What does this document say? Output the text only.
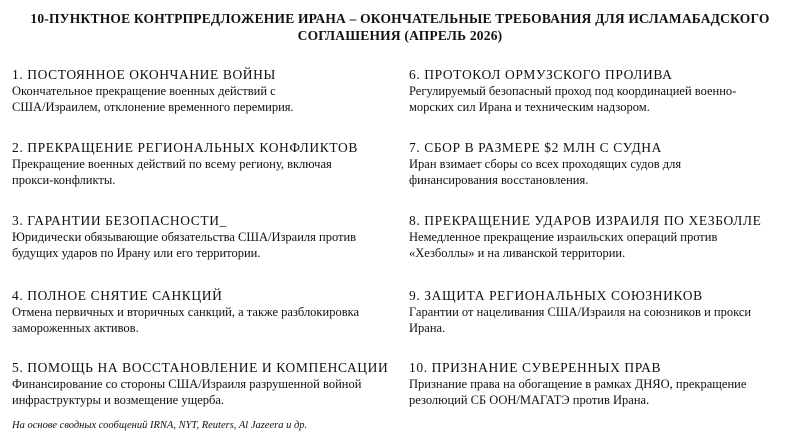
10-ПУНКТНОЕ КОНТРПРЕДЛОЖЕНИЕ ИРАНА – ОКОНЧАТЕЛЬНЫЕ ТРЕБОВАНИЯ ДЛЯ ИСЛАМАБАДСКОГО
СОГЛАШЕНИЯ (АПРЕЛЬ 2026)
1. ПОСТОЯННОЕ ОКОНЧАНИЕ ВОЙНЫ
Окончательное прекращение военных действий с
США/Израилем, отклонение временного перемирия.
2. ПРЕКРАЩЕНИЕ РЕГИОНАЛЬНЫХ КОНФЛИКТОВ
Прекращение военных действий по всему региону, включая
прокси-конфликты.
3. ГАРАНТИИ БЕЗОПАСНОСТИ_
Юридически обязывающие обязательства США/Израиля против
будущих ударов по Ирану или его территории.
4. ПОЛНОЕ СНЯТИЕ САНКЦИЙ
Отмена первичных и вторичных санкций, а также разблокировка
замороженных активов.
5. ПОМОЩЬ НА ВОССТАНОВЛЕНИЕ И КОМПЕНСАЦИИ
Финансирование со стороны США/Израиля разрушенной войной
инфраструктуры и возмещение ущерба.
6. ПРОТОКОЛ ОРМУЗСКОГО ПРОЛИВА
Регулируемый безопасный проход под координацией военно-
морских сил Ирана и техническим надзором.
7. СБОР В РАЗМЕРЕ $2 МЛН С СУДНА
Иран взимает сборы со всех проходящих судов для
финансирования восстановления.
8. ПРЕКРАЩЕНИЕ УДАРОВ ИЗРАИЛЯ ПО ХЕЗБОЛЛЕ
Немедленное прекращение израильских операций против
«Хезболлы» и на ливанской территории.
9. ЗАЩИТА РЕГИОНАЛЬНЫХ СОЮЗНИКОВ
Гарантии от нацеливания США/Израиля на союзников и прокси
Ирана.
10. ПРИЗНАНИЕ СУВЕРЕННЫХ ПРАВ
Признание права на обогащение в рамках ДНЯО, прекращение
резолюций СБ ООН/МАГАТЭ против Ирана.
На основе сводных сообщений IRNA, NYT, Reuters, Al Jazeera и др.
